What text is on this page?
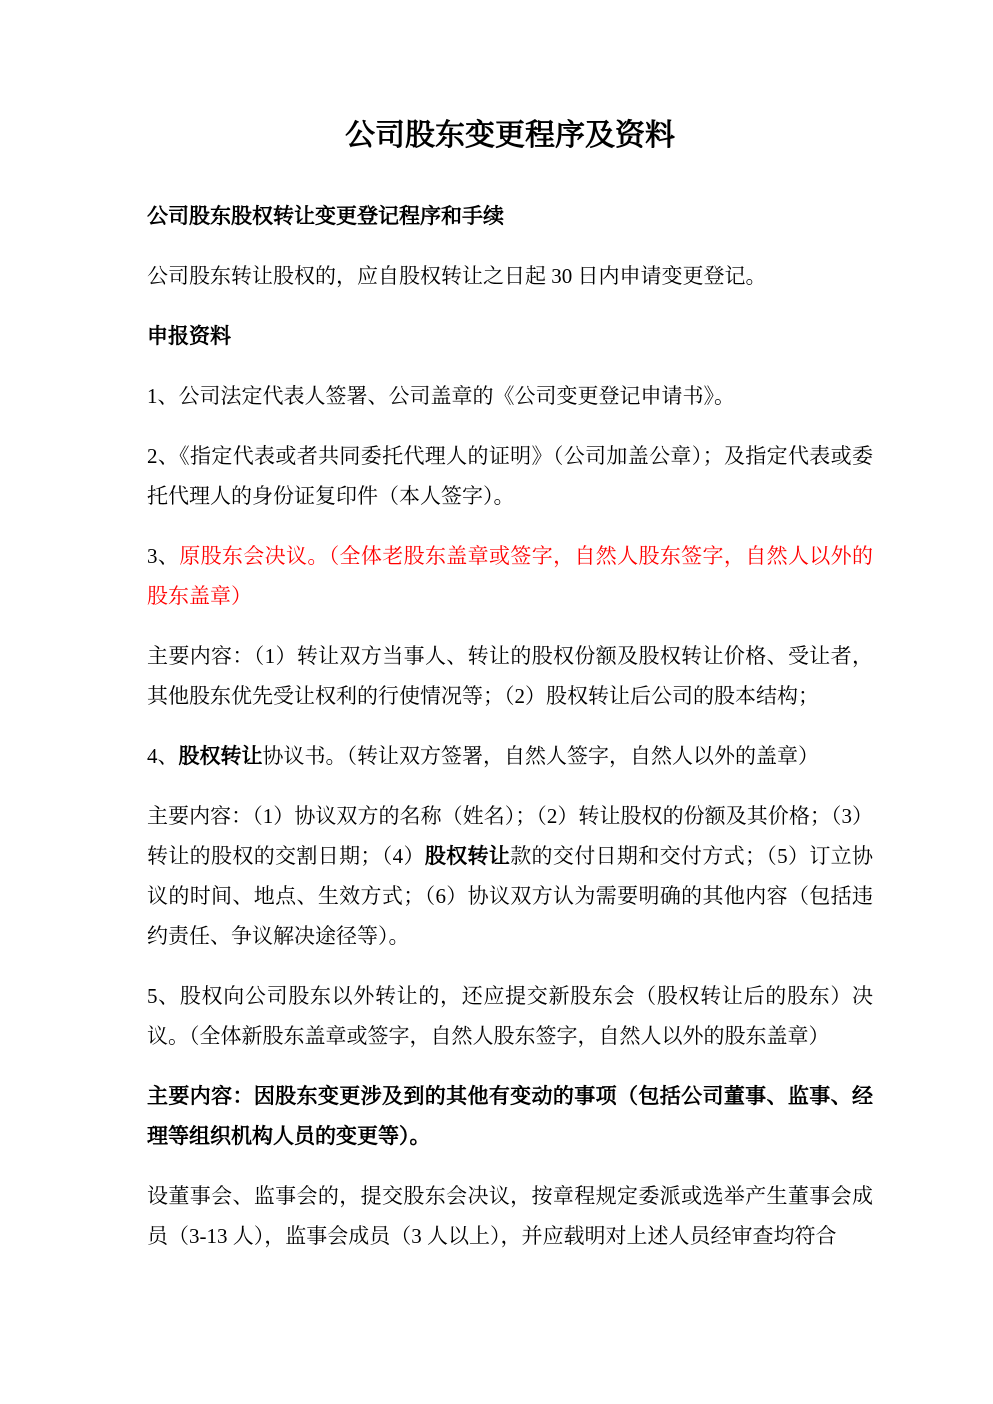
公司股东变更程序及资料
公司股东股权转让变更登记程序和手续

公司股东转让股权的，应自股权转让之日起 30 日内申请变更登记。

申报资料

1、公司法定代表人签署、公司盖章的《公司变更登记申请书》。

2、《指定代表或者共同委托代理人的证明》（公司加盖公章）；及指定代表或委托代理人的身份证复印件（本人签字）。

3、原股东会决议。（全体老股东盖章或签字，自然人股东签字，自然人以外的股东盖章）

主要内容：（1）转让双方当事人、转让的股权份额及股权转让价格、受让者，其他股东优先受让权利的行使情况等；（2）股权转让后公司的股本结构；

4、股权转让协议书。（转让双方签署，自然人签字，自然人以外的盖章）

主要内容：（1）协议双方的名称（姓名）；（2）转让股权的份额及其价格；（3）转让的股权的交割日期；（4）股权转让款的交付日期和交付方式；（5）订立协议的时间、地点、生效方式；（6）协议双方认为需要明确的其他内容（包括违约责任、争议解决途径等）。

5、股权向公司股东以外转让的，还应提交新股东会（股权转让后的股东）决议。（全体新股东盖章或签字，自然人股东签字，自然人以外的股东盖章）

主要内容：因股东变更涉及到的其他有变动的事项（包括公司董事、监事、经理等组织机构人员的变更等）。

设董事会、监事会的，提交股东会决议，按章程规定委派或选举产生董事会成员（3-13 人），监事会成员（3 人以上），并应载明对上述人员经审查均符合
